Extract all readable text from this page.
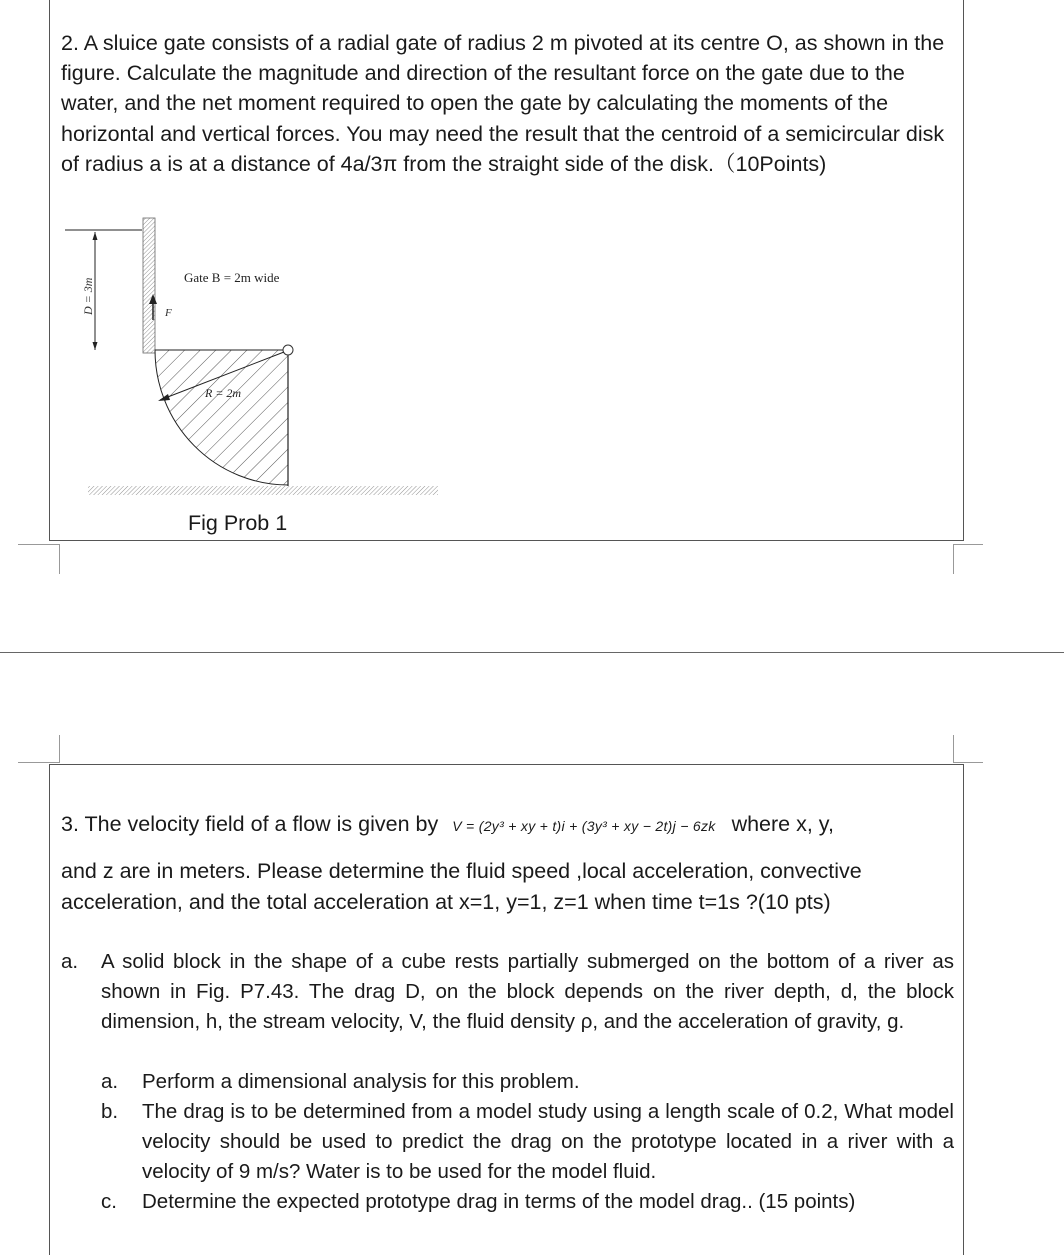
2. A sluice gate consists of a radial gate of radius 2 m pivoted at its centre O, as shown in the figure. Calculate the magnitude and direction of the resultant force on the gate due to the water, and the net moment required to open the gate by calculating the moments of the horizontal and vertical forces. You may need the result that the centroid of a semicircular disk of radius a is at a distance of 4a/3π from the straight side of the disk.（10Points)
D = 3m	F
Gate B = 2m wide
R = 2m
Fig Prob 1
3. The velocity field of a flow is given by V = (2y³ + xy + t)i + (3y³ + xy − 2t)j − 6zk where x, y,
and z are in meters. Please determine the fluid speed ,local acceleration, convective acceleration, and the total acceleration at x=1, y=1, z=1 when time t=1s ?(10 pts)
a. A solid block in the shape of a cube rests partially submerged on the bottom of a river as shown in Fig. P7.43. The drag D, on the block depends on the river depth, d, the block dimension, h, the stream velocity, V, the fluid density ρ, and the acceleration of gravity, g.
a. Perform a dimensional analysis for this problem.
b. The drag is to be determined from a model study using a length scale of 0.2, What model velocity should be used to predict the drag on the prototype located in a river with a velocity of 9 m/s? Water is to be used for the model fluid.
c. Determine the expected prototype drag in terms of the model drag.. (15 points)
